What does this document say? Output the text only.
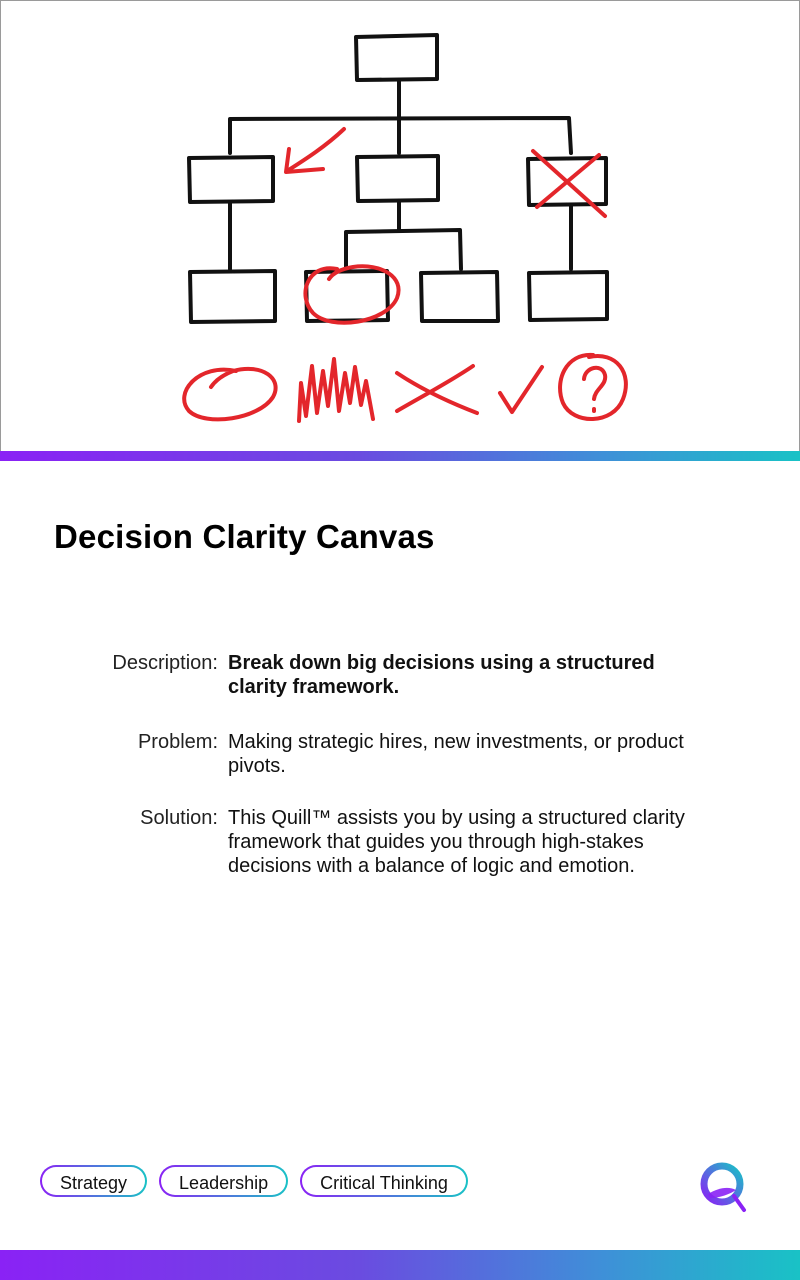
Decision Clarity Canvas
Description: Break down big decisions using a structured clarity framework.
Problem: Making strategic hires, new investments, or product pivots.
Solution: This Quill™ assists you by using a structured clarity framework that guides you through high-stakes decisions with a balance of logic and emotion.
Strategy	Leadership	Critical Thinking
